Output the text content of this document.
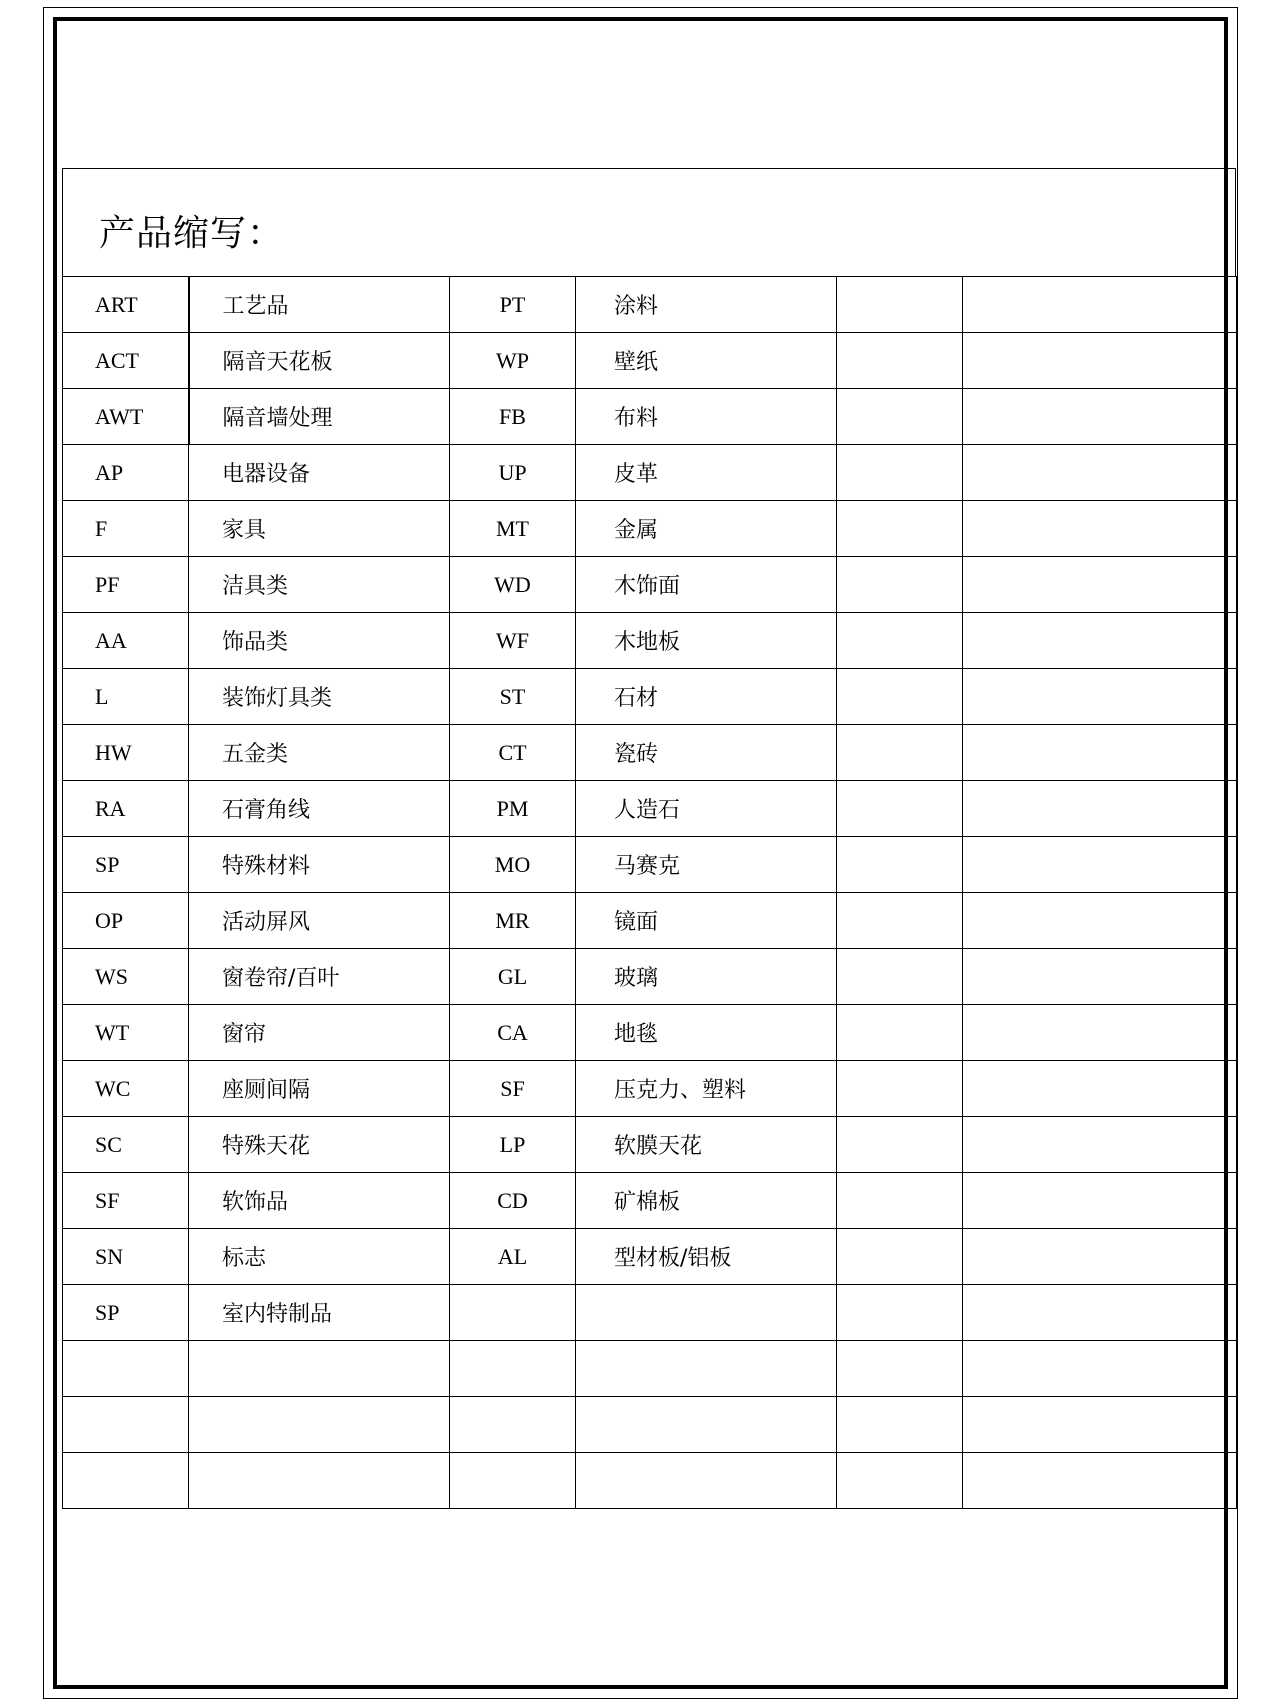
产品缩写：
ART	工艺品	PT	涂料		
ACT	隔音天花板	WP	壁纸		
AWT	隔音墙处理	FB	布料		
AP	电器设备	UP	皮革		
F	家具	MT	金属		
PF	洁具类	WD	木饰面		
AA	饰品类	WF	木地板		
L	装饰灯具类	ST	石材		
HW	五金类	CT	瓷砖		
RA	石膏角线	PM	人造石		
SP	特殊材料	MO	马赛克		
OP	活动屏风	MR	镜面		
WS	窗卷帘/百叶	GL	玻璃		
WT	窗帘	CA	地毯		
WC	座厕间隔	SF	压克力、塑料		
SC	特殊天花	LP	软膜天花		
SF	软饰品	CD	矿棉板		
SN	标志	AL	型材板/铝板		
SP	室内特制品				
